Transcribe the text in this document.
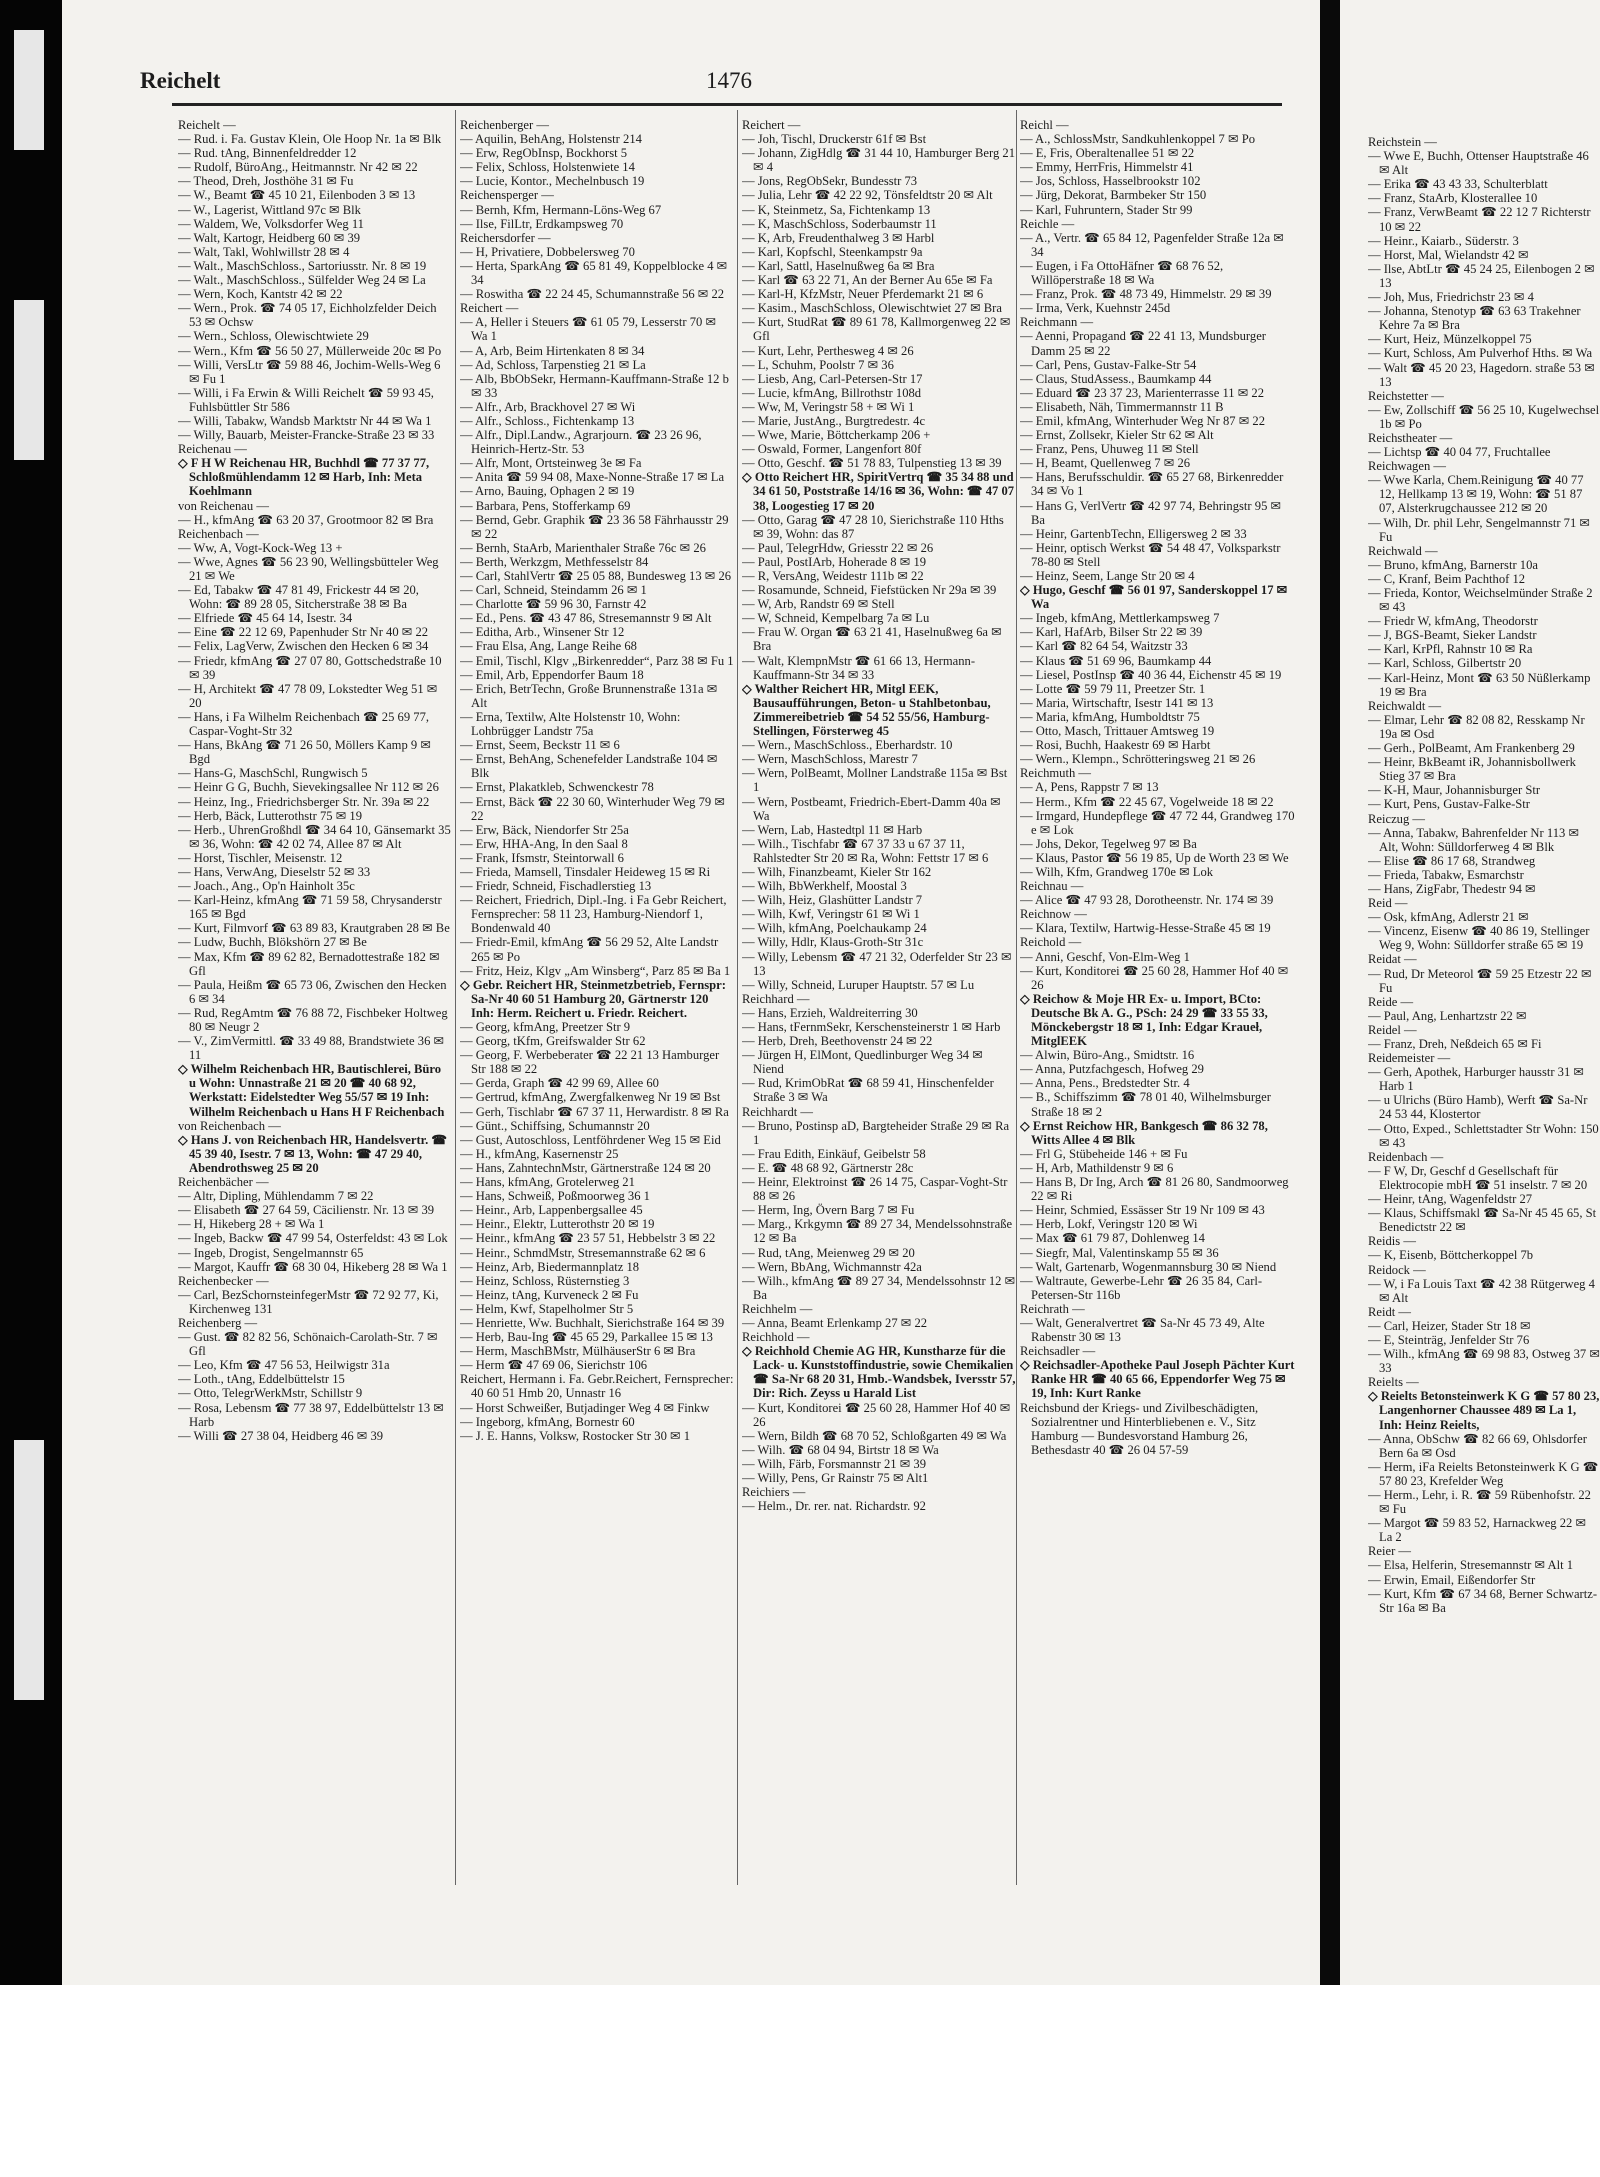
Reichelt	1476

Reichelt —

— Rud. i. Fa. Gustav Klein, Ole Hoop Nr. 1a ✉ Blk

— Rud. tAng, Binnenfeldredder 12

— Rudolf, BüroAng., Heitmannstr. Nr 42 ✉ 22

— Theod, Dreh, Josthöhe 31 ✉ Fu

— W., Beamt ☎ 45 10 21, Eilenboden 3 ✉ 13

— W., Lagerist, Wittland 97c ✉ Blk

— Waldem, We, Volksdorfer Weg 11

— Walt, Kartogr, Heidberg 60 ✉ 39

— Walt, Takl, Wohlwillstr 28 ✉ 4

— Walt., MaschSchloss., Sartoriusstr. Nr. 8 ✉ 19

— Walt., MaschSchloss., Sülfelder Weg 24 ✉ La

— Wern, Koch, Kantstr 42 ✉ 22

— Wern., Prok. ☎ 74 05 17, Eichholzfelder Deich 53 ✉ Ochsw

— Wern., Schloss, Olewischtwiete 29

— Wern., Kfm ☎ 56 50 27, Müllerweide 20c ✉ Po

— Willi, VersLtr ☎ 59 88 46, Jochim-Wells-Weg 6 ✉ Fu 1

— Willi, i Fa Erwin & Willi Reichelt ☎ 59 93 45, Fuhlsbüttler Str 586

— Willi, Tabakw, Wandsb Marktstr Nr 44 ✉ Wa 1

— Willy, Bauarb, Meister-Francke-Straße 23 ✉ 33

Reichenau —

◇ F H W Reichenau HR, Buchhdl ☎ 77 37 77, Schloßmühlendamm 12 ✉ Harb, Inh: Meta Koehlmann

von Reichenau —

— H., kfmAng ☎ 63 20 37, Grootmoor 82 ✉ Bra

Reichenbach —

— Ww, A, Vogt-Kock-Weg 13 +

— Wwe, Agnes ☎ 56 23 90, Wellingsbütteler Weg 21 ✉ We

— Ed, Tabakw ☎ 47 81 49, Frickestr 44 ✉ 20, Wohn: ☎ 89 28 05, Sitcherstraße 38 ✉ Ba

— Elfriede ☎ 45 64 14, Isestr. 34

— Eine ☎ 22 12 69, Papenhuder Str Nr 40 ✉ 22

— Felix, LagVerw, Zwischen den Hecken 6 ✉ 34

— Friedr, kfmAng ☎ 27 07 80, Gottschedstraße 10 ✉ 39

— H, Architekt ☎ 47 78 09, Lokstedter Weg 51 ✉ 20

— Hans, i Fa Wilhelm Reichenbach ☎ 25 69 77, Caspar-Voght-Str 32

— Hans, BkAng ☎ 71 26 50, Möllers Kamp 9 ✉ Bgd

— Hans-G, MaschSchl, Rungwisch 5

— Heinr G G, Buchh, Sievekingsallee Nr 112 ✉ 26

— Heinz, Ing., Friedrichsberger Str. Nr. 39a ✉ 22

— Herb, Bäck, Lutterothstr 75 ✉ 19

— Herb., UhrenGroßhdl ☎ 34 64 10, Gänsemarkt 35 ✉ 36, Wohn: ☎ 42 02 74, Allee 87 ✉ Alt

— Horst, Tischler, Meisenstr. 12

— Hans, VerwAng, Dieselstr 52 ✉ 33

— Joach., Ang., Op'n Hainholt 35c

— Karl-Heinz, kfmAng ☎ 71 59 58, Chrysanderstr 165 ✉ Bgd

— Kurt, Filmvorf ☎ 63 89 83, Krautgraben 28 ✉ Be

— Ludw, Buchh, Blökshörn 27 ✉ Be

— Max, Kfm ☎ 89 62 82, Bernadottestraße 182 ✉ Gfl

— Paula, Heißm ☎ 65 73 06, Zwischen den Hecken 6 ✉ 34

— Rud, RegAmtm ☎ 76 88 72, Fischbeker Holtweg 80 ✉ Neugr 2

— V., ZimVermittl. ☎ 33 49 88, Brandstwiete 36 ✉ 11

◇ Wilhelm Reichenbach HR, Bautischlerei, Büro u Wohn: Unnastraße 21 ✉ 20 ☎ 40 68 92, Werkstatt: Eidelstedter Weg 55/57 ✉ 19 Inh: Wilhelm Reichenbach u Hans H F Reichenbach

von Reichenbach —

◇ Hans J. von Reichenbach HR, Handelsvertr. ☎ 45 39 40, Isestr. 7 ✉ 13, Wohn: ☎ 47 29 40, Abendrothsweg 25 ✉ 20

Reichenbächer —

— Altr, Dipling, Mühlendamm 7 ✉ 22

— Elisabeth ☎ 27 64 59, Cäcilienstr. Nr. 13 ✉ 39

— H, Hikeberg 28 + ✉ Wa 1

— Ingeb, Backw ☎ 47 99 54, Osterfeldst: 43 ✉ Lok

— Ingeb, Drogist, Sengelmannstr 65

— Margot, Kauffr ☎ 68 30 04, Hikeberg 28 ✉ Wa 1

Reichenbecker —

— Carl, BezSchornsteinfegerMstr ☎ 72 92 77, Ki, Kirchenweg 131

Reichenberg —

— Gust. ☎ 82 82 56, Schönaich-Carolath-Str. 7 ✉ Gfl

— Leo, Kfm ☎ 47 56 53, Heilwigstr 31a

— Loth., tAng, Eddelbüttelstr 15

— Otto, TelegrWerkMstr, Schillstr 9

— Rosa, Lebensm ☎ 77 38 97, Eddelbüttelstr 13 ✉ Harb

— Willi ☎ 27 38 04, Heidberg 46 ✉ 39

Reichenberger —

— Aquilin, BehAng, Holstenstr 214

— Erw, RegObInsp, Bockhorst 5

— Felix, Schloss, Holstenwiete 14

— Lucie, Kontor., Mechelnbusch 19

Reichensperger —

— Bernh, Kfm, Hermann-Löns-Weg 67

— Ilse, FilLtr, Erdkampsweg 70

Reichersdorfer —

— H, Privatiere, Dobbelersweg 70

— Herta, SparkAng ☎ 65 81 49, Koppelblocke 4 ✉ 34

— Roswitha ☎ 22 24 45, Schumannstraße 56 ✉ 22

Reichert —

— A, Heller i Steuers ☎ 61 05 79, Lesserstr 70 ✉ Wa 1

— A, Arb, Beim Hirtenkaten 8 ✉ 34

— Ad, Schloss, Tarpenstieg 21 ✉ La

— Alb, BbObSekr, Hermann-Kauffmann-Straße 12 b ✉ 33

— Alfr., Arb, Brackhovel 27 ✉ Wi

— Alfr., Schloss., Fichtenkamp 13

— Alfr., Dipl.Landw., Agrarjourn. ☎ 23 26 96, Heinrich-Hertz-Str. 53

— Alfr, Mont, Ortsteinweg 3e ✉ Fa

— Anita ☎ 59 94 08, Maxe-Nonne-Straße 17 ✉ La

— Arno, Bauing, Ophagen 2 ✉ 19

— Barbara, Pens, Stofferkamp 69

— Bernd, Gebr. Graphik ☎ 23 36 58 Fährhausstr 29 ✉ 22

— Bernh, StaArb, Marienthaler Straße 76c ✉ 26

— Berth, Werkzgm, Methfesselstr 84

— Carl, StahlVertr ☎ 25 05 88, Bundesweg 13 ✉ 26

— Carl, Schneid, Steindamm 26 ✉ 1

— Charlotte ☎ 59 96 30, Farnstr 42

— Ed., Pens. ☎ 43 47 86, Stresemannstr 9 ✉ Alt

— Editha, Arb., Winsener Str 12

— Frau Elsa, Ang, Lange Reihe 68

— Emil, Tischl, Klgv „Birkenredder“, Parz 38 ✉ Fu 1

— Emil, Arb, Eppendorfer Baum 18

— Erich, BetrTechn, Große Brunnenstraße 131a ✉ Alt

— Erna, Textilw, Alte Holstenstr 10, Wohn: Lohbrügger Landstr 75a

— Ernst, Seem, Beckstr 11 ✉ 6

— Ernst, BehAng, Schenefelder Landstraße 104 ✉ Blk

— Ernst, Plakatkleb, Schwenckestr 78

— Ernst, Bäck ☎ 22 30 60, Winterhuder Weg 79 ✉ 22

— Erw, Bäck, Niendorfer Str 25a

— Erw, HHA-Ang, In den Saal 8

— Frank, Ifsmstr, Steintorwall 6

— Frieda, Mamsell, Tinsdaler Heideweg 15 ✉ Ri

— Friedr, Schneid, Fischadlerstieg 13

— Reichert, Friedrich, Dipl.-Ing. i Fa Gebr Reichert, Fernsprecher: 58 11 23, Hamburg-Niendorf 1, Bondenwald 40

— Friedr-Emil, kfmAng ☎ 56 29 52, Alte Landstr 265 ✉ Po

— Fritz, Heiz, Klgv „Am Winsberg“, Parz 85 ✉ Ba 1

◇ Gebr. Reichert HR, Steinmetzbetrieb, Fernspr: Sa-Nr 40 60 51 Hamburg 20, Gärtnerstr 120 Inh: Herm. Reichert u. Friedr. Reichert.

— Georg, kfmAng, Preetzer Str 9

— Georg, tKfm, Greifswalder Str 62

— Georg, F. Werbeberater ☎ 22 21 13 Hamburger Str 188 ✉ 22

— Gerda, Graph ☎ 42 99 69, Allee 60

— Gertrud, kfmAng, Zwergfalkenweg Nr 19 ✉ Bst

— Gerh, Tischlabr ☎ 67 37 11, Herwardistr. 8 ✉ Ra

— Günt., Schiffsing, Schumannstr 20

— Gust, Autoschloss, Lentföhrdener Weg 15 ✉ Eid

— H., kfmAng, Kasernenstr 25

— Hans, ZahntechnMstr, Gärtnerstraße 124 ✉ 20

— Hans, kfmAng, Grotelerweg 21

— Hans, Schweiß, Poßmoorweg 36 1

— Heinr., Arb, Lappenbergsallee 45

— Heinr., Elektr, Lutterothstr 20 ✉ 19

— Heinr., kfmAng ☎ 23 57 51, Hebbelstr 3 ✉ 22

— Heinr., SchmdMstr, Stresemannstraße 62 ✉ 6

— Heinz, Arb, Biedermannplatz 18

— Heinz, Schloss, Rüsternstieg 3

— Heinz, tAng, Kurveneck 2 ✉ Fu

— Helm, Kwf, Stapelholmer Str 5

— Henriette, Ww. Buchhalt, Sierichstraße 164 ✉ 39

— Herb, Bau-Ing ☎ 45 65 29, Parkallee 15 ✉ 13

— Herm, MaschBMstr, MülhäuserStr 6 ✉ Bra

— Herm ☎ 47 69 06, Sierichstr 106

Reichert, Hermann i. Fa. Gebr.Reichert, Fernsprecher: 40 60 51 Hmb 20, Unnastr 16

— Horst Schweißer, Butjadinger Weg 4 ✉ Finkw

— Ingeborg, kfmAng, Bornestr 60

— J. E. Hanns, Volksw, Rostocker Str 30 ✉ 1

Reichert —

— Joh, Tischl, Druckerstr 61f ✉ Bst

— Johann, ZigHdlg ☎ 31 44 10, Hamburger Berg 21 ✉ 4

— Jons, RegObSekr, Bundesstr 73

— Julia, Lehr ☎ 42 22 92, Tönsfeldtstr 20 ✉ Alt

— K, Steinmetz, Sa, Fichtenkamp 13

— K, MaschSchloss, Soderbaumstr 11

— K, Arb, Freudenthalweg 3 ✉ Harbl

— Karl, Kopfschl, Steenkampstr 9a

— Karl, Sattl, Haselnußweg 6a ✉ Bra

— Karl ☎ 63 22 71, An der Berner Au 65e ✉ Fa

— Karl-H, KfzMstr, Neuer Pferdemarkt 21 ✉ 6

— Kasim., MaschSchloss, Olewischtwiet 27 ✉ Bra

— Kurt, StudRat ☎ 89 61 78, Kallmorgenweg 22 ✉ Gfl

— Kurt, Lehr, Perthesweg 4 ✉ 26

— L, Schuhm, Poolstr 7 ✉ 36

— Liesb, Ang, Carl-Petersen-Str 17

— Lucie, kfmAng, Billrothstr 108d

— Ww, M, Veringstr 58 + ✉ Wi 1

— Marie, JustAng., Burgtredestr. 4c

— Wwe, Marie, Böttcherkamp 206 +

— Oswald, Former, Langenfort 80f

— Otto, Geschf. ☎ 51 78 83, Tulpenstieg 13 ✉ 39

◇ Otto Reichert HR, SpiritVertrq ☎ 35 34 88 und 34 61 50, Poststraße 14/16 ✉ 36, Wohn: ☎ 47 07 38, Loogestieg 17 ✉ 20

— Otto, Garag ☎ 47 28 10, Sierichstraße 110 Hths ✉ 39, Wohn: das 87

— Paul, TelegrHdw, Griesstr 22 ✉ 26

— Paul, PostIArb, Hoherade 8 ✉ 19

— R, VersAng, Weidestr 111b ✉ 22

— Rosamunde, Schneid, Fiefstücken Nr 29a ✉ 39

— W, Arb, Randstr 69 ✉ Stell

— W, Schneid, Kempelbarg 7a ✉ Lu

— Frau W. Organ ☎ 63 21 41, Haselnußweg 6a ✉ Bra

— Walt, KlempnMstr ☎ 61 66 13, Hermann-Kauffmann-Str 34 ✉ 33

◇ Walther Reichert HR, Mitgl EEK, Bausaufführungen, Beton- u Stahlbetonbau, Zimmereibetrieb ☎ 54 52 55/56, Hamburg-Stellingen, Försterweg 45

— Wern., MaschSchloss., Eberhardstr. 10

— Wern, MaschSchloss, Marestr 7

— Wern, PolBeamt, Mollner Landstraße 115a ✉ Bst 1

— Wern, Postbeamt, Friedrich-Ebert-Damm 40a ✉ Wa

— Wern, Lab, Hastedtpl 11 ✉ Harb

— Wilh., Tischfabr ☎ 67 37 33 u 67 37 11, Rahlstedter Str 20 ✉ Ra, Wohn: Fettstr 17 ✉ 6

— Wilh, Finanzbeamt, Kieler Str 162

— Wilh, BbWerkhelf, Moostal 3

— Wilh, Heiz, Glashütter Landstr 7

— Wilh, Kwf, Veringstr 61 ✉ Wi 1

— Wilh, kfmAng, Poelchaukamp 24

— Willy, Hdlr, Klaus-Groth-Str 31c

— Willy, Lebensm ☎ 47 21 32, Oderfelder Str 23 ✉ 13

— Willy, Schneid, Luruper Hauptstr. 57 ✉ Lu

Reichhard —

— Hans, Erzieh, Waldreiterring 30

— Hans, tFernmSekr, Kerschensteinerstr 1 ✉ Harb

— Herb, Dreh, Beethovenstr 24 ✉ 22

— Jürgen H, ElMont, Quedlinburger Weg 34 ✉ Niend

— Rud, KrimObRat ☎ 68 59 41, Hinschenfelder Straße 3 ✉ Wa

Reichhardt —

— Bruno, Postinsp aD, Bargteheider Straße 29 ✉ Ra 1

— Frau Edith, Einkäuf, Geibelstr 58

— E. ☎ 48 68 92, Gärtnerstr 28c

— Heinr, Elektroinst ☎ 26 14 75, Caspar-Voght-Str 88 ✉ 26

— Herm, Ing, Övern Barg 7 ✉ Fu

— Marg., Krkgymn ☎ 89 27 34, Mendelssohnstraße 12 ✉ Ba

— Rud, tAng, Meienweg 29 ✉ 20

— Wern, BbAng, Wichmannstr 42a

— Wilh., kfmAng ☎ 89 27 34, Mendelssohnstr 12 ✉ Ba

Reichhelm —

— Anna, Beamt Erlenkamp 27 ✉ 22

Reichhold —

◇ Reichhold Chemie AG HR, Kunstharze für die Lack- u. Kunststoffindustrie, sowie Chemikalien ☎ Sa-Nr 68 20 31, Hmb.-Wandsbek, Iversstr 57, Dir: Rich. Zeyss u Harald List

— Kurt, Konditorei ☎ 25 60 28, Hammer Hof 40 ✉ 26

— Wern, Bildh ☎ 68 70 52, Schloßgarten 49 ✉ Wa

— Wilh. ☎ 68 04 94, Birtstr 18 ✉ Wa

— Wilh, Färb, Forsmannstr 21 ✉ 39

— Willy, Pens, Gr Rainstr 75 ✉ Alt1

Reichiers —

— Helm., Dr. rer. nat. Richardstr. 92

Reichl —

— A., SchlossMstr, Sandkuhlenkoppel 7 ✉ Po

— E, Fris, Oberaltenallee 51 ✉ 22

— Emmy, HerrFris, Himmelstr 41

— Jos, Schloss, Hasselbrookstr 102

— Jürg, Dekorat, Barmbeker Str 150

— Karl, Fuhruntern, Stader Str 99

Reichle —

— A., Vertr. ☎ 65 84 12, Pagenfelder Straße 12a ✉ 34

— Eugen, i Fa OttoHäfner ☎ 68 76 52, Willöperstraße 18 ✉ Wa

— Franz, Prok. ☎ 48 73 49, Himmelstr. 29 ✉ 39

— Irma, Verk, Kuehnstr 245d

Reichmann —

— Aenni, Propagand ☎ 22 41 13, Mundsburger Damm 25 ✉ 22

— Carl, Pens, Gustav-Falke-Str 54

— Claus, StudAssess., Baumkamp 44

— Eduard ☎ 23 37 23, Marienterrasse 11 ✉ 22

— Elisabeth, Näh, Timmermannstr 11 B

— Emil, kfmAng, Winterhuder Weg Nr 87 ✉ 22

— Ernst, Zollsekr, Kieler Str 62 ✉ Alt

— Franz, Pens, Uhuweg 11 ✉ Stell

— H, Beamt, Quellenweg 7 ✉ 26

— Hans, Berufsschuldir. ☎ 65 27 68, Birkenredder 34 ✉ Vo 1

— Hans G, VerlVertr ☎ 42 97 74, Behringstr 95 ✉ Ba

— Heinr, GartenbTechn, Elligersweg 2 ✉ 33

— Heinr, optisch Werkst ☎ 54 48 47, Volksparkstr 78-80 ✉ Stell

— Heinz, Seem, Lange Str 20 ✉ 4

◇ Hugo, Geschf ☎ 56 01 97, Sanderskoppel 17 ✉ Wa

— Ingeb, kfmAng, Mettlerkampsweg 7

— Karl, HafArb, Bilser Str 22 ✉ 39

— Karl ☎ 82 64 54, Waitzstr 33

— Klaus ☎ 51 69 96, Baumkamp 44

— Liesel, PostInsp ☎ 40 36 44, Eichenstr 45 ✉ 19

— Lotte ☎ 59 79 11, Preetzer Str. 1

— Maria, Wirtschaftr, Isestr 141 ✉ 13

— Maria, kfmAng, Humboldtstr 75

— Otto, Masch, Trittauer Amtsweg 19

— Rosi, Buchh, Haakestr 69 ✉ Harbt

— Wern., Klempn., Schrötteringsweg 21 ✉ 26

Reichmuth —

— A, Pens, Rappstr 7 ✉ 13

— Herm., Kfm ☎ 22 45 67, Vogelweide 18 ✉ 22

— Irmgard, Hundepflege ☎ 47 72 44, Grandweg 170 e ✉ Lok

— Johs, Dekor, Tegelweg 97 ✉ Ba

— Klaus, Pastor ☎ 56 19 85, Up de Worth 23 ✉ We

— Wilh, Kfm, Grandweg 170e ✉ Lok

Reichnau —

— Alice ☎ 47 93 28, Dorotheenstr. Nr. 174 ✉ 39

Reichnow —

— Klara, Textilw, Hartwig-Hesse-Straße 45 ✉ 19

Reichold —

— Anni, Geschf, Von-Elm-Weg 1

— Kurt, Konditorei ☎ 25 60 28, Hammer Hof 40 ✉ 26

◇ Reichow & Moje HR Ex- u. Import, BCto: Deutsche Bk A. G., PSch: 24 29 ☎ 33 55 33, Mönckebergstr 18 ✉ 1, Inh: Edgar Kraueł, MitglEEK

— Alwin, Büro-Ang., Smidtstr. 16

— Anna, Putzfachgesch, Hofweg 29

— Anna, Pens., Bredstedter Str. 4

— B., Schiffszimm ☎ 78 01 40, Wilhelmsburger Straße 18 ✉ 2

◇ Ernst Reichow HR, Bankgesch ☎ 86 32 78, Witts Allee 4 ✉ Blk

— Frl G, Stübeheide 146 + ✉ Fu

— H, Arb, Mathildenstr 9 ✉ 6

— Hans B, Dr Ing, Arch ☎ 81 26 80, Sandmoorweg 22 ✉ Ri

— Heinr, Schmied, Essässer Str 19 Nr 109 ✉ 43

— Herb, Lokf, Veringstr 120 ✉ Wi

— Max ☎ 61 79 87, Dohlenweg 14

— Siegfr, Mal, Valentinskamp 55 ✉ 36

— Walt, Gartenarb, Wogenmannsburg 30 ✉ Niend

— Waltraute, Gewerbe-Lehr ☎ 26 35 84, Carl-Petersen-Str 116b

Reichrath —

— Walt, Generalvertret ☎ Sa-Nr 45 73 49, Alte Rabenstr 30 ✉ 13

Reichsadler —

◇ Reichsadler-Apotheke Paul Joseph Pächter Kurt Ranke HR ☎ 40 65 66, Eppendorfer Weg 75 ✉ 19, Inh: Kurt Ranke

Reichsbund der Kriegs- und Zivilbeschädigten, Sozialrentner und Hinterbliebenen e. V., Sitz Hamburg — Bundesvorstand Hamburg 26, Bethesdastr 40 ☎ 26 04 57-59

Reichstein —

— Wwe E, Buchh, Ottenser Hauptstraße 46 ✉ Alt

— Erika ☎ 43 43 33, Schulterblatt

— Franz, StaArb, Klosterallee 10

— Franz, VerwBeamt ☎ 22 12 7 Richterstr 10 ✉ 22

— Heinr., Kaiarb., Süderstr. 3

— Horst, Mal, Wielandstr 42 ✉

— Ilse, AbtLtr ☎ 45 24 25, Eilenbogen 2 ✉ 13

— Joh, Mus, Friedrichstr 23 ✉ 4

— Johanna, Stenotyp ☎ 63 63 Trakehner Kehre 7a ✉ Bra

— Kurt, Heiz, Münzelkoppel 75

— Kurt, Schloss, Am Pulverhof Hths. ✉ Wa

— Walt ☎ 45 20 23, Hagedorn. straße 53 ✉ 13

Reichstetter —

— Ew, Zollschiff ☎ 56 25 10, Kugelwechsel 1b ✉ Po

Reichstheater —

— Lichtsp ☎ 40 04 77, Fruchtallee

Reichwagen —

— Wwe Karla, Chem.Reinigung ☎ 40 77 12, Hellkamp 13 ✉ 19, Wohn: ☎ 51 87 07, Alsterkrugchaussee 212 ✉ 20

— Wilh, Dr. phil Lehr, Sengelmannstr 71 ✉ Fu

Reichwald —

— Bruno, kfmAng, Barnerstr 10a

— C, Kranf, Beim Pachthof 12

— Frieda, Kontor, Weichselmünder Straße 2 ✉ 43

— Friedr W, kfmAng, Theodorstr

— J, BGS-Beamt, Sieker Landstr

— Karl, KrPfl, Rahnstr 10 ✉ Ra

— Karl, Schloss, Gilbertstr 20

— Karl-Heinz, Mont ☎ 63 50 Nüßlerkamp 19 ✉ Bra

Reichwaldt —

— Elmar, Lehr ☎ 82 08 82, Resskamp Nr 19a ✉ Osd

— Gerh., PolBeamt, Am Frankenberg 29

— Heinr, BkBeamt iR, Johannisbollwerk Stieg 37 ✉ Bra

— K-H, Maur, Johannisburger Str

— Kurt, Pens, Gustav-Falke-Str

Reiczug —

— Anna, Tabakw, Bahrenfelder Nr 113 ✉ Alt, Wohn: Sülldorferweg 4 ✉ Blk

— Elise ☎ 86 17 68, Strandweg

— Frieda, Tabakw, Esmarchstr

— Hans, ZigFabr, Thedestr 94 ✉

Reid —

— Osk, kfmAng, Adlerstr 21 ✉

— Vincenz, Eisenw ☎ 40 86 19, Stellinger Weg 9, Wohn: Sülldorfer straße 65 ✉ 19

Reidat —

— Rud, Dr Meteorol ☎ 59 25 Etzestr 22 ✉ Fu

Reide —

— Paul, Ang, Lenhartzstr 22 ✉

Reidel —

— Franz, Dreh, Neßdeich 65 ✉ Fi

Reidemeister —

— Gerh, Apothek, Harburger hausstr 31 ✉ Harb 1

— u Ulrichs (Büro Hamb), Werft ☎ Sa-Nr 24 53 44, Klostertor

— Otto, Exped., Schlettstadter Str Wohn: 150 ✉ 43

Reidenbach —

— F W, Dr, Geschf d Gesellschaft für Elektrocopie mbH ☎ 51 inselstr. 7 ✉ 20

— Heinr, tAng, Wagenfeldstr 27

— Klaus, Schiffsmakl ☎ Sa-Nr 45 45 65, St Benedictstr 22 ✉

Reidis —

— K, Eisenb, Böttcherkoppel 7b

Reidock —

— W, i Fa Louis Taxt ☎ 42 38 Rütgerweg 4 ✉ Alt

Reidt —

— Carl, Heizer, Stader Str 18 ✉

— E, Steinträg, Jenfelder Str 76

— Wilh., kfmAng ☎ 69 98 83, Ostweg 37 ✉ 33

Reielts —

◇ Reielts Betonsteinwerk K G ☎ 57 80 23, Langenhorner Chaussee 489 ✉ La 1, Inh: Heinz Reielts,

— Anna, ObSchw ☎ 82 66 69, Ohlsdorfer Bern 6a ✉ Osd

— Herm, iFa Reielts Betonsteinwerk K G ☎ 57 80 23, Krefelder Weg

— Herm., Lehr, i. R. ☎ 59 Rübenhofstr. 22 ✉ Fu

— Margot ☎ 59 83 52, Harnackweg 22 ✉ La 2

Reier —

— Elsa, Helferin, Stresemannstr ✉ Alt 1

— Erwin, Email, Eißendorfer Str

— Kurt, Kfm ☎ 67 34 68, Berner Schwartz-Str 16a ✉ Ba
